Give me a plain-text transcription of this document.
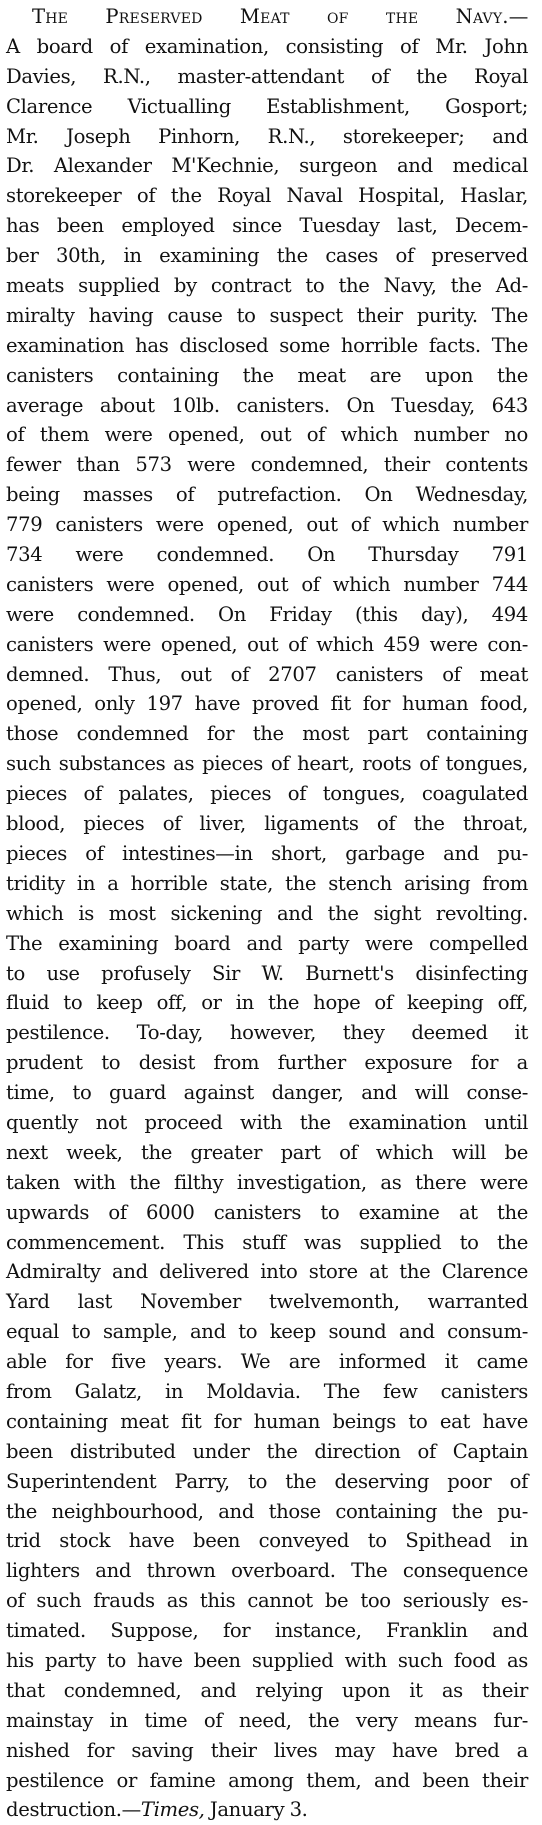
The Preserved Meat of the Navy.—
A board of examination, consisting of Mr. John
Davies, R.N., master-attendant of the Royal
Clarence Victualling Establishment, Gosport;
Mr. Joseph Pinhorn, R.N., storekeeper; and
Dr. Alexander M'Kechnie, surgeon and medical
storekeeper of the Royal Naval Hospital, Haslar,
has been employed since Tuesday last, Decem-
ber 30th, in examining the cases of preserved
meats supplied by contract to the Navy, the Ad-
miralty having cause to suspect their purity. The
examination has disclosed some horrible facts. The
canisters containing the meat are upon the
average about 10lb. canisters. On Tuesday, 643
of them were opened, out of which number no
fewer than 573 were condemned, their contents
being masses of putrefaction. On Wednesday,
779 canisters were opened, out of which number
734 were condemned. On Thursday 791
canisters were opened, out of which number 744
were condemned. On Friday (this day), 494
canisters were opened, out of which 459 were con-
demned. Thus, out of 2707 canisters of meat
opened, only 197 have proved fit for human food,
those condemned for the most part containing
such substances as pieces of heart, roots of tongues,
pieces of palates, pieces of tongues, coagulated
blood, pieces of liver, ligaments of the throat,
pieces of intestines—in short, garbage and pu-
tridity in a horrible state, the stench arising from
which is most sickening and the sight revolting.
The examining board and party were compelled
to use profusely Sir W. Burnett's disinfecting
fluid to keep off, or in the hope of keeping off,
pestilence. To-day, however, they deemed it
prudent to desist from further exposure for a
time, to guard against danger, and will conse-
quently not proceed with the examination until
next week, the greater part of which will be
taken with the filthy investigation, as there were
upwards of 6000 canisters to examine at the
commencement. This stuff was supplied to the
Admiralty and delivered into store at the Clarence
Yard last November twelvemonth, warranted
equal to sample, and to keep sound and consum-
able for five years. We are informed it came
from Galatz, in Moldavia. The few canisters
containing meat fit for human beings to eat have
been distributed under the direction of Captain
Superintendent Parry, to the deserving poor of
the neighbourhood, and those containing the pu-
trid stock have been conveyed to Spithead in
lighters and thrown overboard. The consequence
of such frauds as this cannot be too seriously es-
timated. Suppose, for instance, Franklin and
his party to have been supplied with such food as
that condemned, and relying upon it as their
mainstay in time of need, the very means fur-
nished for saving their lives may have bred a
pestilence or famine among them, and been their
destruction.—Times, January 3.
